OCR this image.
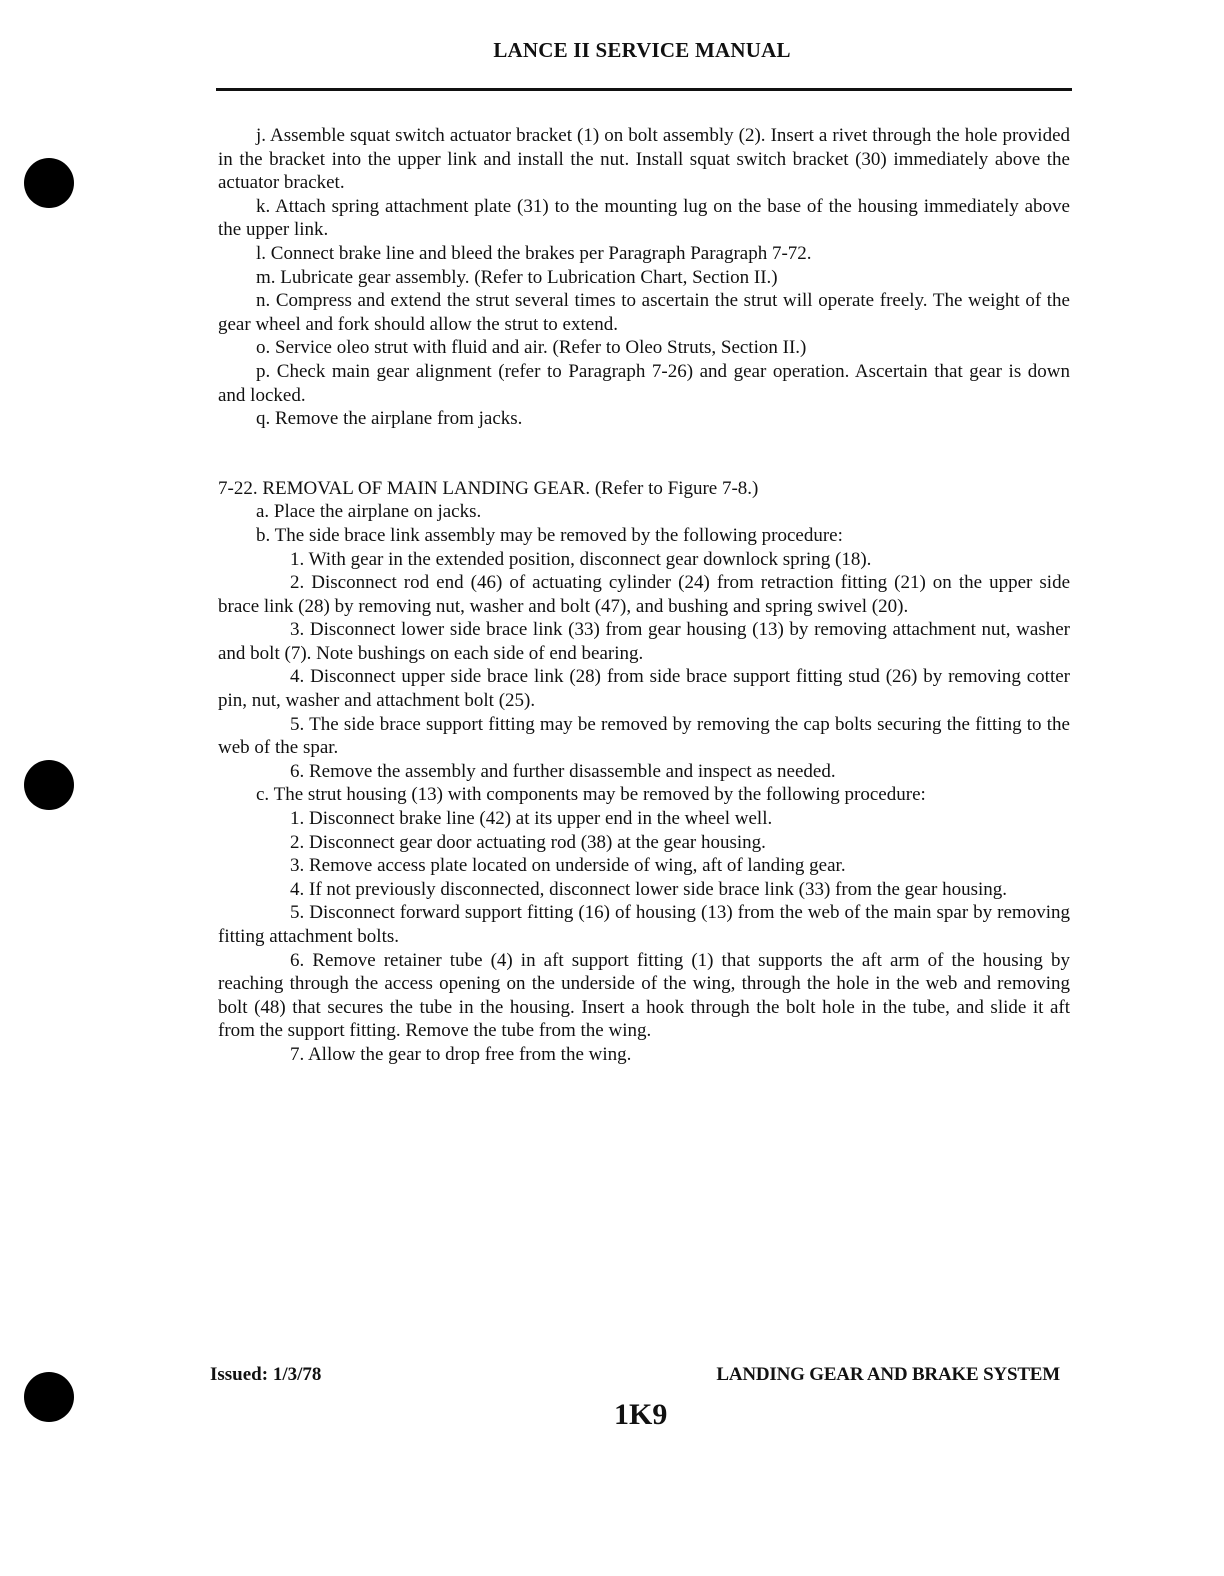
LANCE II SERVICE MANUAL

j. Assemble squat switch actuator bracket (1) on bolt assembly (2). Insert a rivet through the hole provided in the bracket into the upper link and install the nut. Install squat switch bracket (30) immediately above the actuator bracket.

k. Attach spring attachment plate (31) to the mounting lug on the base of the housing immediately above the upper link.

l. Connect brake line and bleed the brakes per Paragraph Paragraph 7-72.

m. Lubricate gear assembly. (Refer to Lubrication Chart, Section II.)

n. Compress and extend the strut several times to ascertain the strut will operate freely. The weight of the gear wheel and fork should allow the strut to extend.

o. Service oleo strut with fluid and air. (Refer to Oleo Struts, Section II.)

p. Check main gear alignment (refer to Paragraph 7-26) and gear operation. Ascertain that gear is down and locked.

q. Remove the airplane from jacks.

7-22. REMOVAL OF MAIN LANDING GEAR. (Refer to Figure 7-8.)

a. Place the airplane on jacks.

b. The side brace link assembly may be removed by the following procedure:

1. With gear in the extended position, disconnect gear downlock spring (18).

2. Disconnect rod end (46) of actuating cylinder (24) from retraction fitting (21) on the upper side brace link (28) by removing nut, washer and bolt (47), and bushing and spring swivel (20).

3. Disconnect lower side brace link (33) from gear housing (13) by removing attachment nut, washer and bolt (7). Note bushings on each side of end bearing.

4. Disconnect upper side brace link (28) from side brace support fitting stud (26) by removing cotter pin, nut, washer and attachment bolt (25).

5. The side brace support fitting may be removed by removing the cap bolts securing the fitting to the web of the spar.

6. Remove the assembly and further disassemble and inspect as needed.

c. The strut housing (13) with components may be removed by the following procedure:

1. Disconnect brake line (42) at its upper end in the wheel well.

2. Disconnect gear door actuating rod (38) at the gear housing.

3. Remove access plate located on underside of wing, aft of landing gear.

4. If not previously disconnected, disconnect lower side brace link (33) from the gear housing.

5. Disconnect forward support fitting (16) of housing (13) from the web of the main spar by removing fitting attachment bolts.

6. Remove retainer tube (4) in aft support fitting (1) that supports the aft arm of the housing by reaching through the access opening on the underside of the wing, through the hole in the web and removing bolt (48) that secures the tube in the housing. Insert a hook through the bolt hole in the tube, and slide it aft from the support fitting. Remove the tube from the wing.

7. Allow the gear to drop free from the wing.

Issued: 1/3/78	LANDING GEAR AND BRAKE SYSTEM
1K9
